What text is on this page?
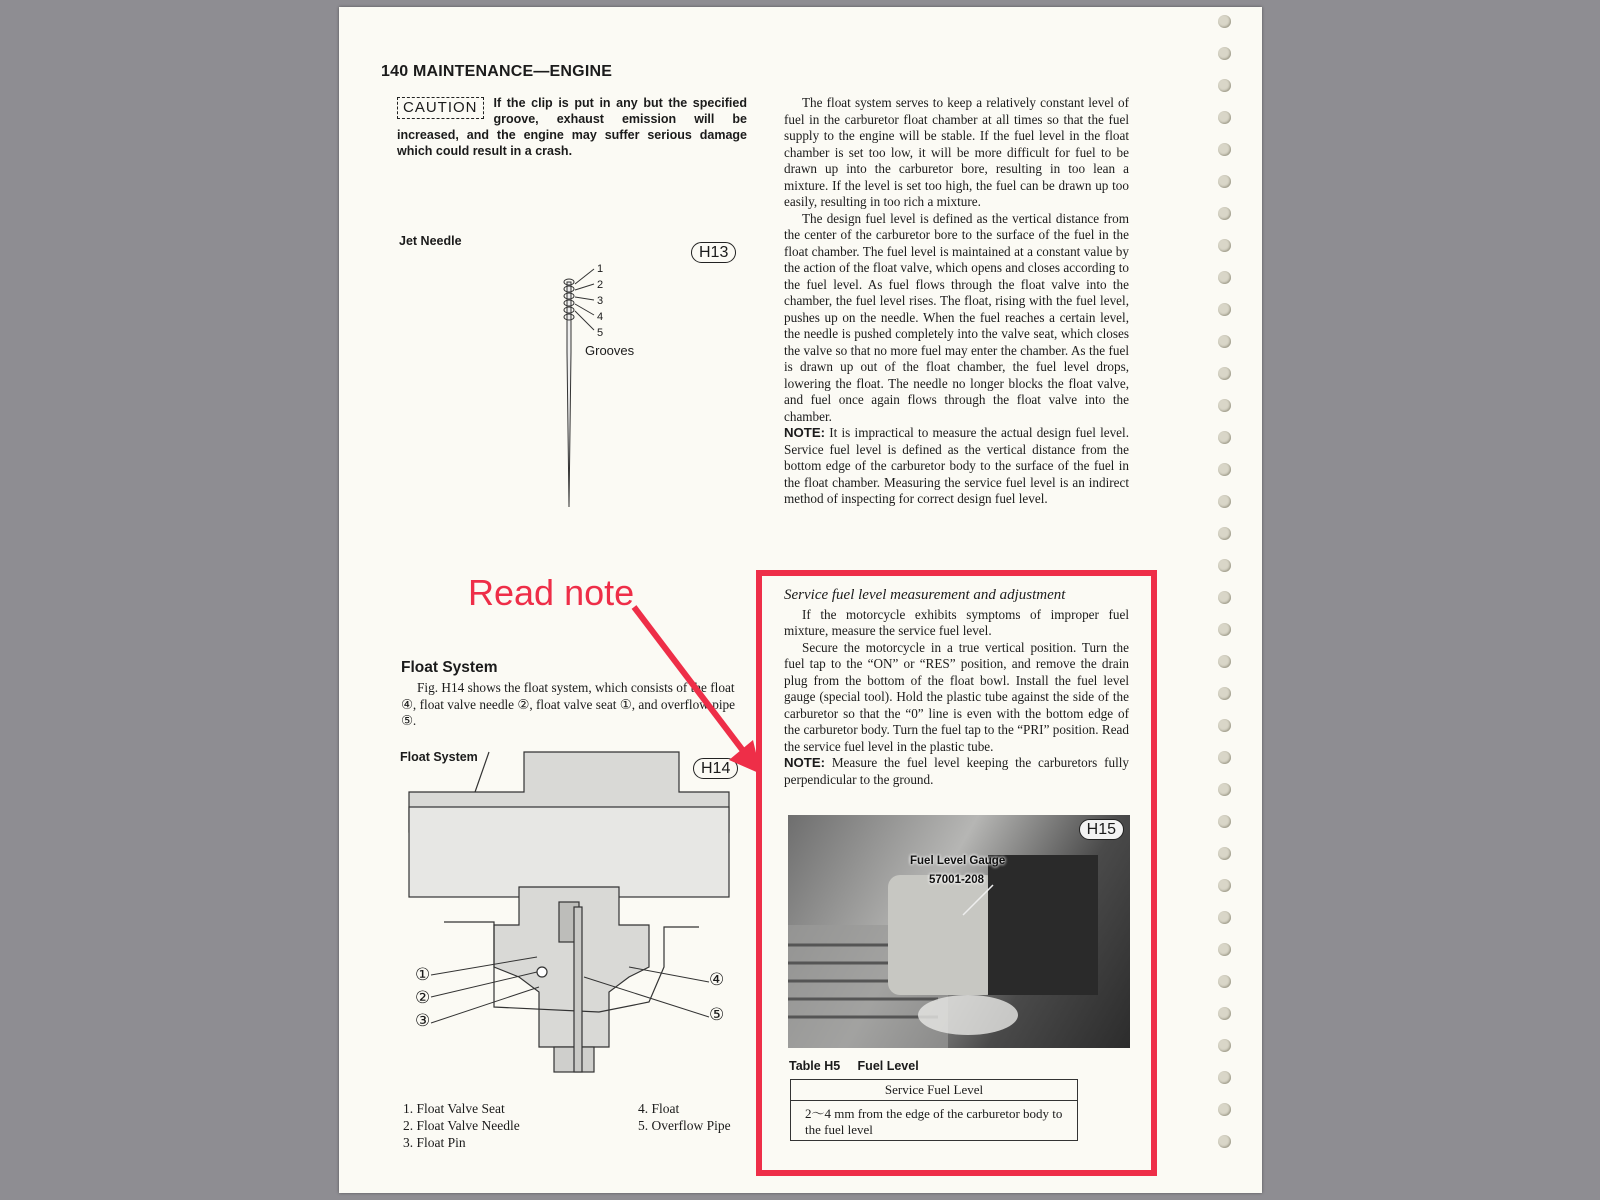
140 MAINTENANCE—ENGINE
CAUTION	If the clip is put in any but the specified groove, exhaust emission will be increased, and the engine may suffer serious damage which could result in a crash.
Jet Needle
H13
1
2
3
4
5
Grooves

The float system serves to keep a relatively constant level of fuel in the carburetor float chamber at all times so that the fuel supply to the engine will be stable. If the fuel level in the float chamber is set too low, it will be more difficult for fuel to be drawn up into the carburetor bore, resulting in too lean a mixture. If the level is set too high, the fuel can be drawn up too easily, resulting in too rich a mixture.

The design fuel level is defined as the vertical distance from the center of the carburetor bore to the surface of the fuel in the float chamber. The fuel level is maintained at a constant value by the action of the float valve, which opens and closes according to the fuel level. As fuel flows through the float valve into the chamber, the fuel level rises. The float, rising with the fuel level, pushes up on the needle. When the fuel reaches a certain level, the needle is pushed completely into the valve seat, which closes the valve so that no more fuel may enter the chamber. As the fuel is drawn up out of the float chamber, the fuel level drops, lowering the float. The needle no longer blocks the float valve, and fuel once again flows through the float valve into the chamber.

NOTE: It is impractical to measure the actual design fuel level. Service fuel level is defined as the vertical distance from the bottom edge of the carburetor body to the surface of the fuel in the float chamber. Measuring the service fuel level is an indirect method of inspecting for correct design fuel level.

Service fuel level measurement and adjustment

If the motorcycle exhibits symptoms of improper fuel mixture, measure the service fuel level.

Secure the motorcycle in a true vertical position. Turn the fuel tap to the “ON” or “RES” position, and remove the drain plug from the bottom of the float bowl. Install the fuel level gauge (special tool). Hold the plastic tube against the side of the carburetor so that the “0” line is even with the bottom edge of the carburetor body. Turn the fuel tap to the “PRI” position. Read the service fuel level in the plastic tube.

NOTE: Measure the fuel level keeping the carburetors fully perpendicular to the ground.

H15
Fuel Level Gauge
57001-208
Table H5 Fuel Level
Service Fuel Level
2～4 mm from the edge of the carburetor body to the fuel level
Float System

Fig. H14 shows the float system, which consists of the float ④, float valve needle ②, float valve seat ①, and overflow pipe ⑤.

Float System
H14
①
②
③
④
⑤
1. Float Valve Seat
2. Float Valve Needle
3. Float Pin
4. Float
5. Overflow Pipe
Read note
